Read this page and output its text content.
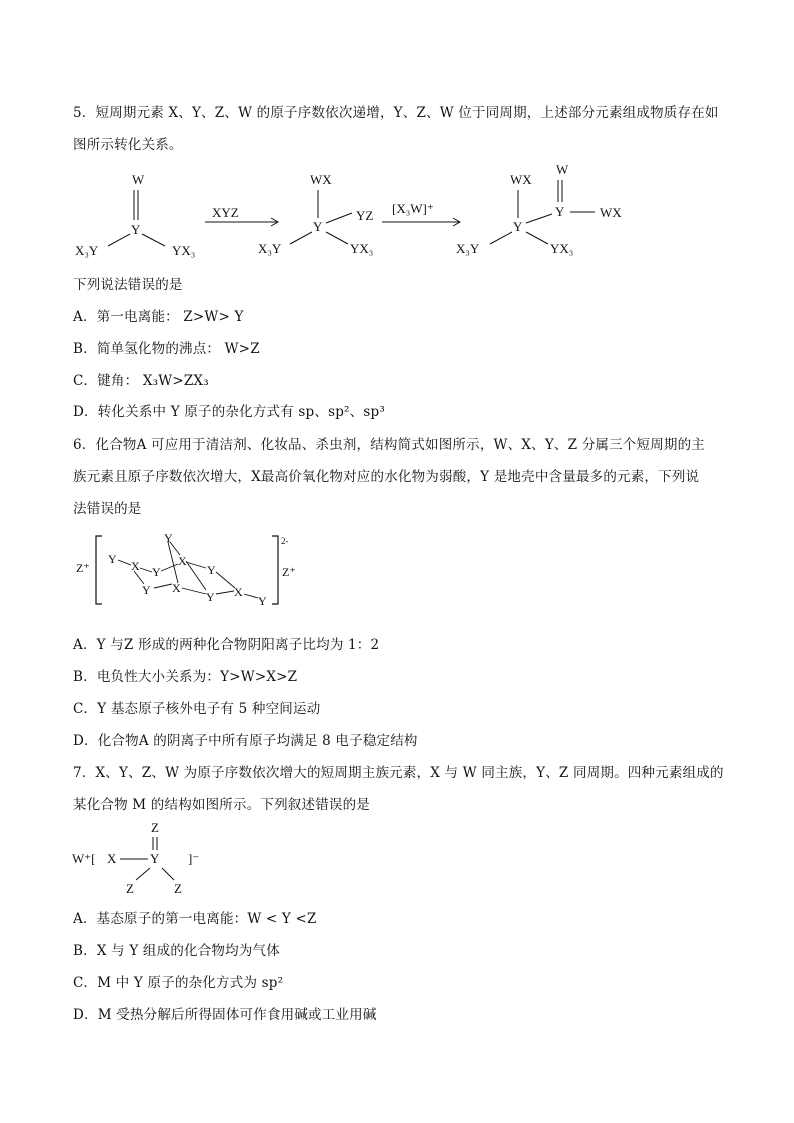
5．短周期元素 X、Y、Z、W 的原子序数依次递增，Y、Z、W 位于同周期，上述部分元素组成物质存在如
图所示转化关系。
W
Y
X₃Y	YX₃
XYZ
WX
Y
YZ
X₃Y	YX₃
[X₃W]⁺
W
Y	WX
WX
Y
X₃Y	YX₃
下列说法错误的是
A．第一电离能： Z>W> Y
B．简单氢化物的沸点： W>Z
C．键角： X₃W>ZX₃
D．转化关系中 Y 原子的杂化方式有 sp、sp²、sp³
6．化合物A 可应用于清洁剂、化妆品、杀虫剂，结构简式如图所示，W、X、Y、Z 分属三个短周期的主
族元素且原子序数依次增大，X最高价氧化物对应的水化物为弱酸，Y 是地壳中含量最多的元素，下列说
法错误的是
Z⁺
2-
Z⁺
Y X Y
Y
X
Y X
Y
Y X
Y
A．Y 与Z 形成的两种化合物阴阳离子比均为 1：2
B．电负性大小关系为：Y>W>X>Z
C．Y 基态原子核外电子有 5 种空间运动
D．化合物A 的阴离子中所有原子均满足 8 电子稳定结构
7．X、Y、Z、W 为原子序数依次增大的短周期主族元素，X 与 W 同主族，Y、Z 同周期。四种元素组成的
某化合物 M 的结构如图所示。下列叙述错误的是
Z
W⁺[ X	Y ]⁻
Z	Z
A．基态原子的第一电离能：W < Y <Z
B．X 与 Y 组成的化合物均为气体
C．M 中 Y 原子的杂化方式为 sp²
D．M 受热分解后所得固体可作食用碱或工业用碱
